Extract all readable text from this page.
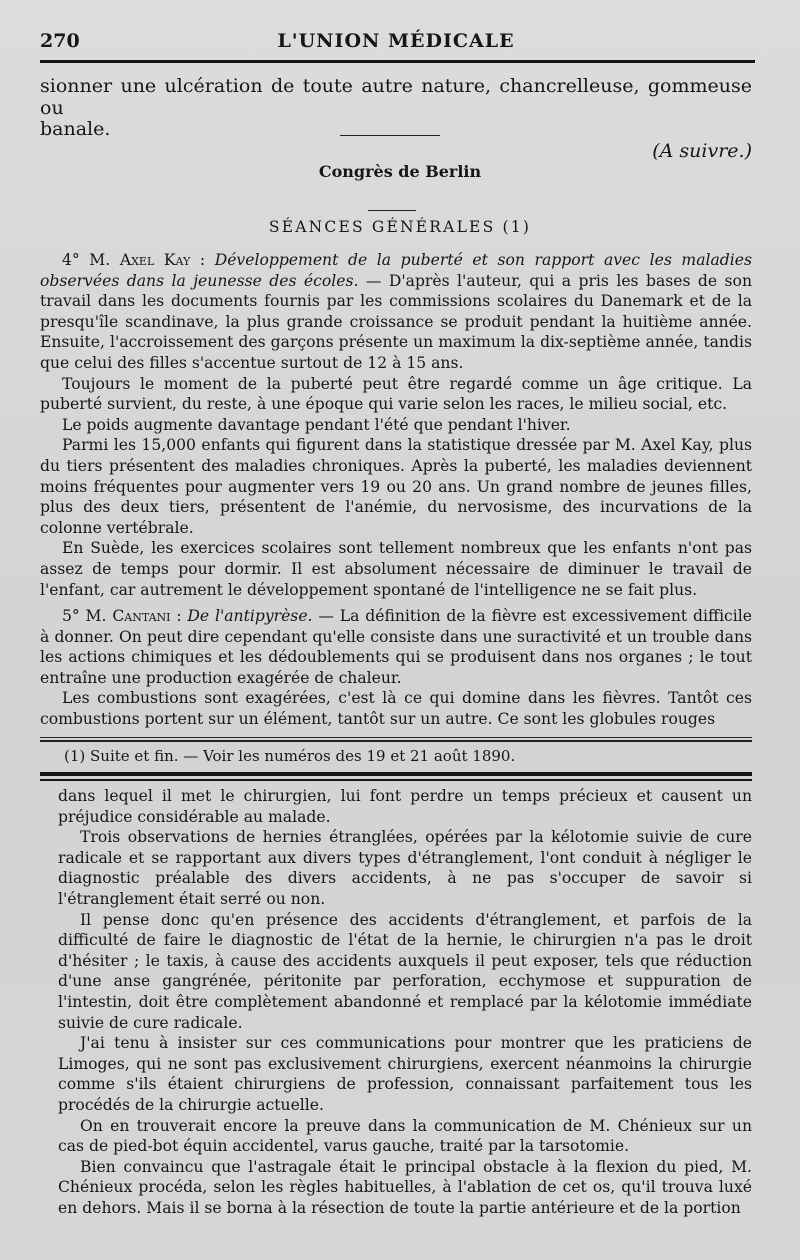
270	L'UNION MÉDICALE

sionner une ulcération de toute autre nature, chancrelleuse, gommeuse ou

banale.

(A suivre.)

Congrès de Berlin
SÉANCES GÉNÉRALES (1)

4° M. Axel Kay : Développement de la puberté et son rapport avec les maladies observées dans la jeunesse des écoles. — D'après l'auteur, qui a pris les bases de son travail dans les documents fournis par les commissions scolaires du Danemark et de la presqu'île scandinave, la plus grande croissance se produit pendant la huitième année. Ensuite, l'accroissement des garçons présente un maximum la dix-septième année, tandis que celui des filles s'accentue surtout de 12 à 15 ans.

Toujours le moment de la puberté peut être regardé comme un âge critique. La puberté survient, du reste, à une époque qui varie selon les races, le milieu social, etc.

Le poids augmente davantage pendant l'été que pendant l'hiver.

Parmi les 15,000 enfants qui figurent dans la statistique dressée par M. Axel Kay, plus du tiers présentent des maladies chroniques. Après la puberté, les maladies deviennent moins fréquentes pour augmenter vers 19 ou 20 ans. Un grand nombre de jeunes filles, plus des deux tiers, présentent de l'anémie, du nervosisme, des incurvations de la colonne vertébrale.

En Suède, les exercices scolaires sont tellement nombreux que les enfants n'ont pas assez de temps pour dormir. Il est absolument nécessaire de diminuer le travail de l'enfant, car autrement le développement spontané de l'intelligence ne se fait plus.

5° M. Cantani : De l'antipyrèse. — La définition de la fièvre est excessivement difficile à donner. On peut dire cependant qu'elle consiste dans une suractivité et un trouble dans les actions chimiques et les dédoublements qui se produisent dans nos organes ; le tout entraîne une production exagérée de chaleur.

Les combustions sont exagérées, c'est là ce qui domine dans les fièvres. Tantôt ces combustions portent sur un élément, tantôt sur un autre. Ce sont les globules rouges

(1) Suite et fin. — Voir les numéros des 19 et 21 août 1890.

dans lequel il met le chirurgien, lui font perdre un temps précieux et causent un préjudice considérable au malade.

Trois observations de hernies étranglées, opérées par la kélotomie suivie de cure radicale et se rapportant aux divers types d'étranglement, l'ont conduit à négliger le diagnostic préalable des divers accidents, à ne pas s'occuper de savoir si l'étranglement était serré ou non.

Il pense donc qu'en présence des accidents d'étranglement, et parfois de la difficulté de faire le diagnostic de l'état de la hernie, le chirurgien n'a pas le droit d'hésiter ; le taxis, à cause des accidents auxquels il peut exposer, tels que réduction d'une anse gangrénée, péritonite par perforation, ecchymose et suppuration de l'intestin, doit être complètement abandonné et remplacé par la kélotomie immédiate suivie de cure radicale.

J'ai tenu à insister sur ces communications pour montrer que les praticiens de Limoges, qui ne sont pas exclusivement chirurgiens, exercent néanmoins la chirurgie comme s'ils étaient chirurgiens de profession, connaissant parfaitement tous les procédés de la chirurgie actuelle.

On en trouverait encore la preuve dans la communication de M. Chénieux sur un cas de pied-bot équin accidentel, varus gauche, traité par la tarsotomie.

Bien convaincu que l'astragale était le principal obstacle à la flexion du pied, M. Chénieux procéda, selon les règles habituelles, à l'ablation de cet os, qu'il trouva luxé en dehors. Mais il se borna à la résection de toute la partie antérieure et de la portion
